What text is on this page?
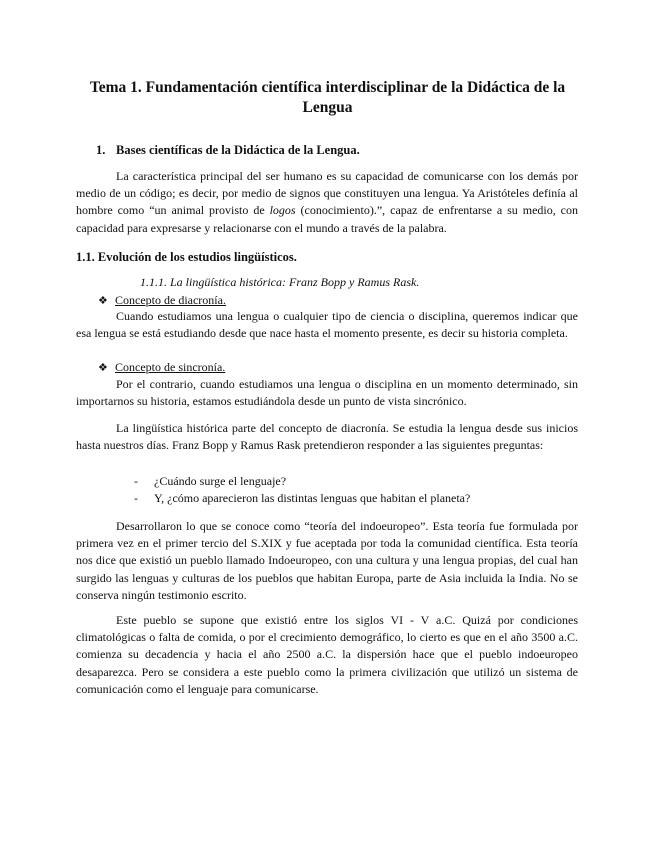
Tema 1. Fundamentación científica interdisciplinar de la Didáctica de la Lengua
1. Bases científicas de la Didáctica de la Lengua.
La característica principal del ser humano es su capacidad de comunicarse con los demás por medio de un código; es decir, por medio de signos que constituyen una lengua. Ya Aristóteles definía al hombre como “un animal provisto de logos (conocimiento).”, capaz de enfrentarse a su medio, con capacidad para expresarse y relacionarse con el mundo a través de la palabra.
1.1. Evolución de los estudios lingüísticos.
1.1.1. La lingüística histórica: Franz Bopp y Ramus Rask.
❖ Concepto de diacronía.
Cuando estudiamos una lengua o cualquier tipo de ciencia o disciplina, queremos indicar que esa lengua se está estudiando desde que nace hasta el momento presente, es decir su historia completa.
❖ Concepto de sincronía.
Por el contrario, cuando estudiamos una lengua o disciplina en un momento determinado, sin importarnos su historia, estamos estudiándola desde un punto de vista sincrónico.
La lingüística histórica parte del concepto de diacronía. Se estudia la lengua desde sus inicios hasta nuestros días. Franz Bopp y Ramus Rask pretendieron responder a las siguientes preguntas:
- ¿Cuándo surge el lenguaje?
- Y, ¿cómo aparecieron las distintas lenguas que habitan el planeta?
Desarrollaron lo que se conoce como “teoría del indoeuropeo”. Esta teoría fue formulada por primera vez en el primer tercio del S.XIX y fue aceptada por toda la comunidad científica. Esta teoría nos dice que existió un pueblo llamado Indoeuropeo, con una cultura y una lengua propias, del cual han surgido las lenguas y culturas de los pueblos que habitan Europa, parte de Asia incluida la India. No se conserva ningún testimonio escrito.
Este pueblo se supone que existió entre los siglos VI - V a.C. Quizá por condiciones climatológicas o falta de comida, o por el crecimiento demográfico, lo cierto es que en el año 3500 a.C. comienza su decadencia y hacia el año 2500 a.C. la dispersión hace que el pueblo indoeuropeo desaparezca. Pero se considera a este pueblo como la primera civilización que utilizó un sistema de comunicación como el lenguaje para comunicarse.
